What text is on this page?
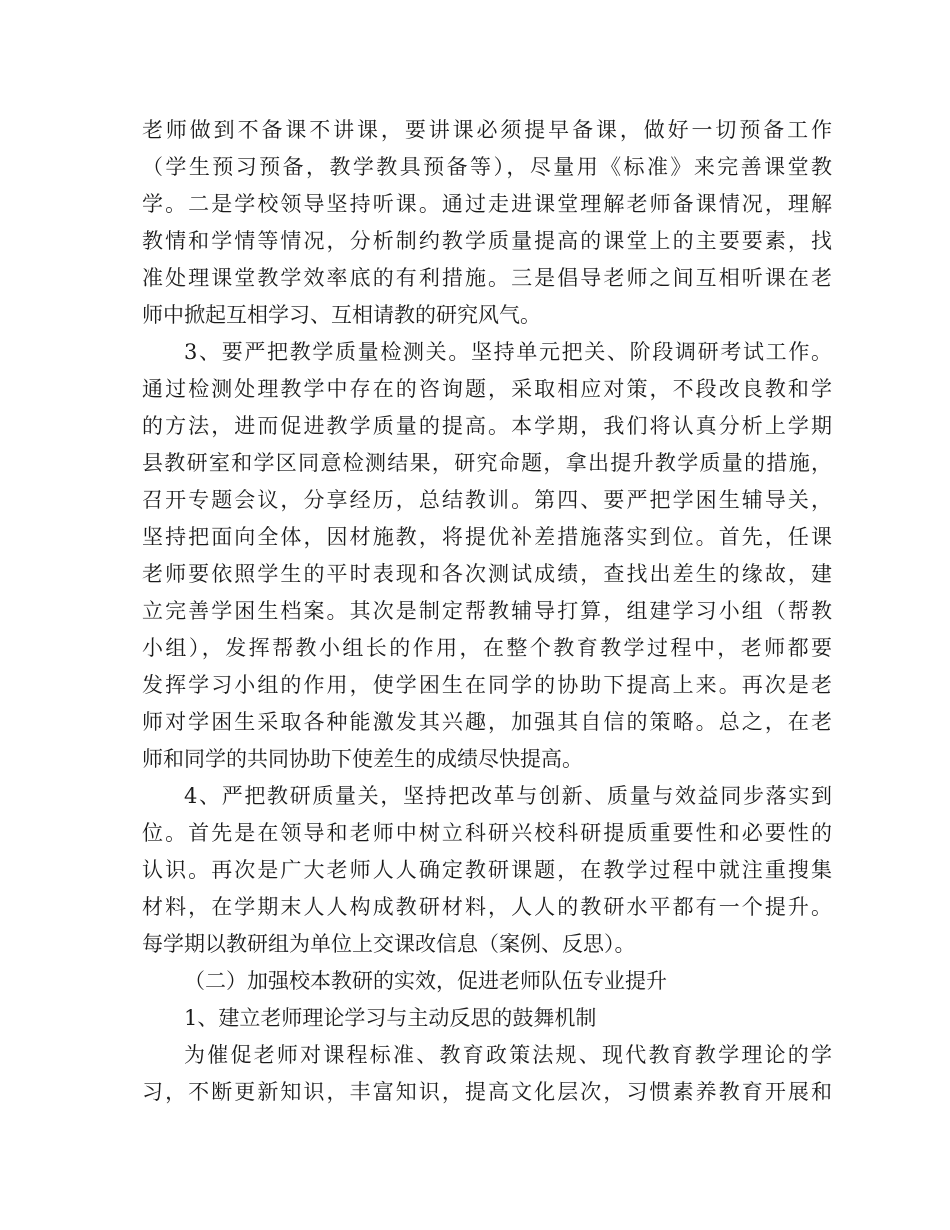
老师做到不备课不讲课，要讲课必须提早备课，做好一切预备工作
（学生预习预备，教学教具预备等），尽量用《标准》来完善课堂教
学。二是学校领导坚持听课。通过走进课堂理解老师备课情况，理解
教情和学情等情况，分析制约教学质量提高的课堂上的主要要素，找
准处理课堂教学效率底的有利措施。三是倡导老师之间互相听课在老
师中掀起互相学习、互相请教的研究风气。
3、要严把教学质量检测关。坚持单元把关、阶段调研考试工作。
通过检测处理教学中存在的咨询题，采取相应对策，不段改良教和学
的方法，进而促进教学质量的提高。本学期，我们将认真分析上学期
县教研室和学区同意检测结果，研究命题，拿出提升教学质量的措施，
召开专题会议，分享经历，总结教训。第四、要严把学困生辅导关，
坚持把面向全体，因材施教，将提优补差措施落实到位。首先，任课
老师要依照学生的平时表现和各次测试成绩，查找出差生的缘故，建
立完善学困生档案。其次是制定帮教辅导打算，组建学习小组（帮教
小组），发挥帮教小组长的作用，在整个教育教学过程中，老师都要
发挥学习小组的作用，使学困生在同学的协助下提高上来。再次是老
师对学困生采取各种能激发其兴趣，加强其自信的策略。总之，在老
师和同学的共同协助下使差生的成绩尽快提高。
4、严把教研质量关，坚持把改革与创新、质量与效益同步落实到
位。首先是在领导和老师中树立科研兴校科研提质重要性和必要性的
认识。再次是广大老师人人确定教研课题，在教学过程中就注重搜集
材料，在学期末人人构成教研材料，人人的教研水平都有一个提升。
每学期以教研组为单位上交课改信息（案例、反思）。
（二）加强校本教研的实效，促进老师队伍专业提升
1、建立老师理论学习与主动反思的鼓舞机制
为催促老师对课程标准、教育政策法规、现代教育教学理论的学
习，不断更新知识，丰富知识，提高文化层次，习惯素养教育开展和
